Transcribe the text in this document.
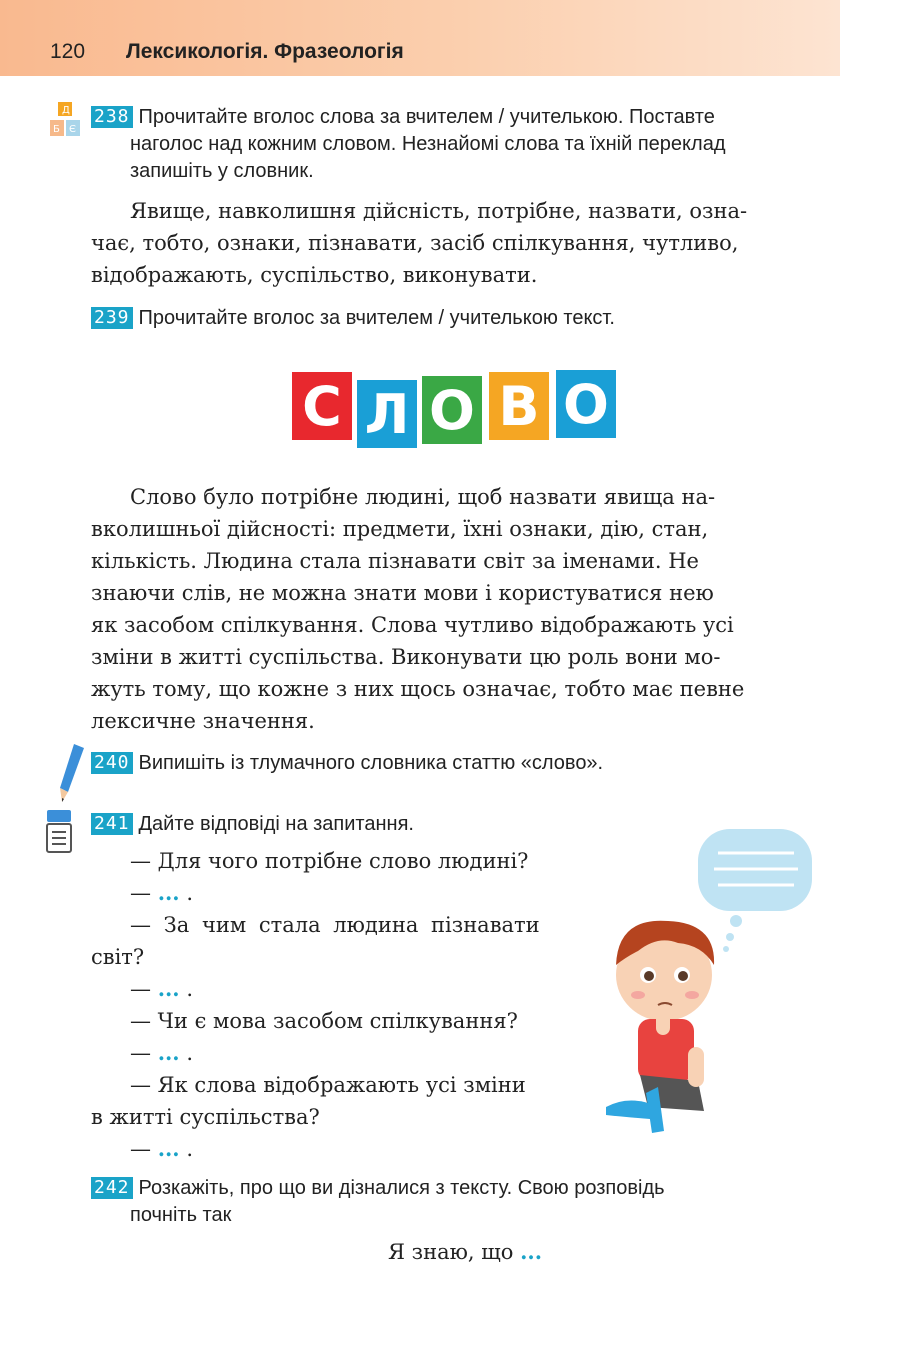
120 Лексикологія. Фразеологія
Д
Б Є
238 Прочитайте вголос слова за вчителем / учителькою. Поставте
наголос над кожним словом. Незнайомі слова та їхній переклад
запишіть у словник.
Явище, навколишня дійсність, потрібне, назвати, озна-
чає, тобто, ознаки, пізнавати, засіб спілкування, чутливо,
відображають, суспільство, виконувати.
239 Прочитайте вголос за вчителем / учителькою текст.
С Л О В О
Слово було потрібне людині, щоб назвати явища на-
вколишньої дійсності: предмети, їхні ознаки, дію, стан,
кількість. Людина стала пізнавати світ за іменами. Не
знаючи слів, не можна знати мови і користуватися нею
як засобом спілкування. Слова чутливо відображають усі
зміни в житті суспільства. Виконувати цю роль вони мо-
жуть тому, що кожне з них щось означає, тобто має певне
лексичне значення.
240 Випишіть із тлумачного словника статтю «слово».
241 Дайте відповіді на запитання.
— Для чого потрібне слово людині?
— ... .
— За чим стала людина пізнавати
світ?
— ... .
— Чи є мова засобом спілкування?
— ... .
— Як слова відображають усі зміни
в житті суспільства?
— ... .
242 Розкажіть, про що ви дізналися з тексту. Свою розповідь
почніть так
Я знаю, що ...
